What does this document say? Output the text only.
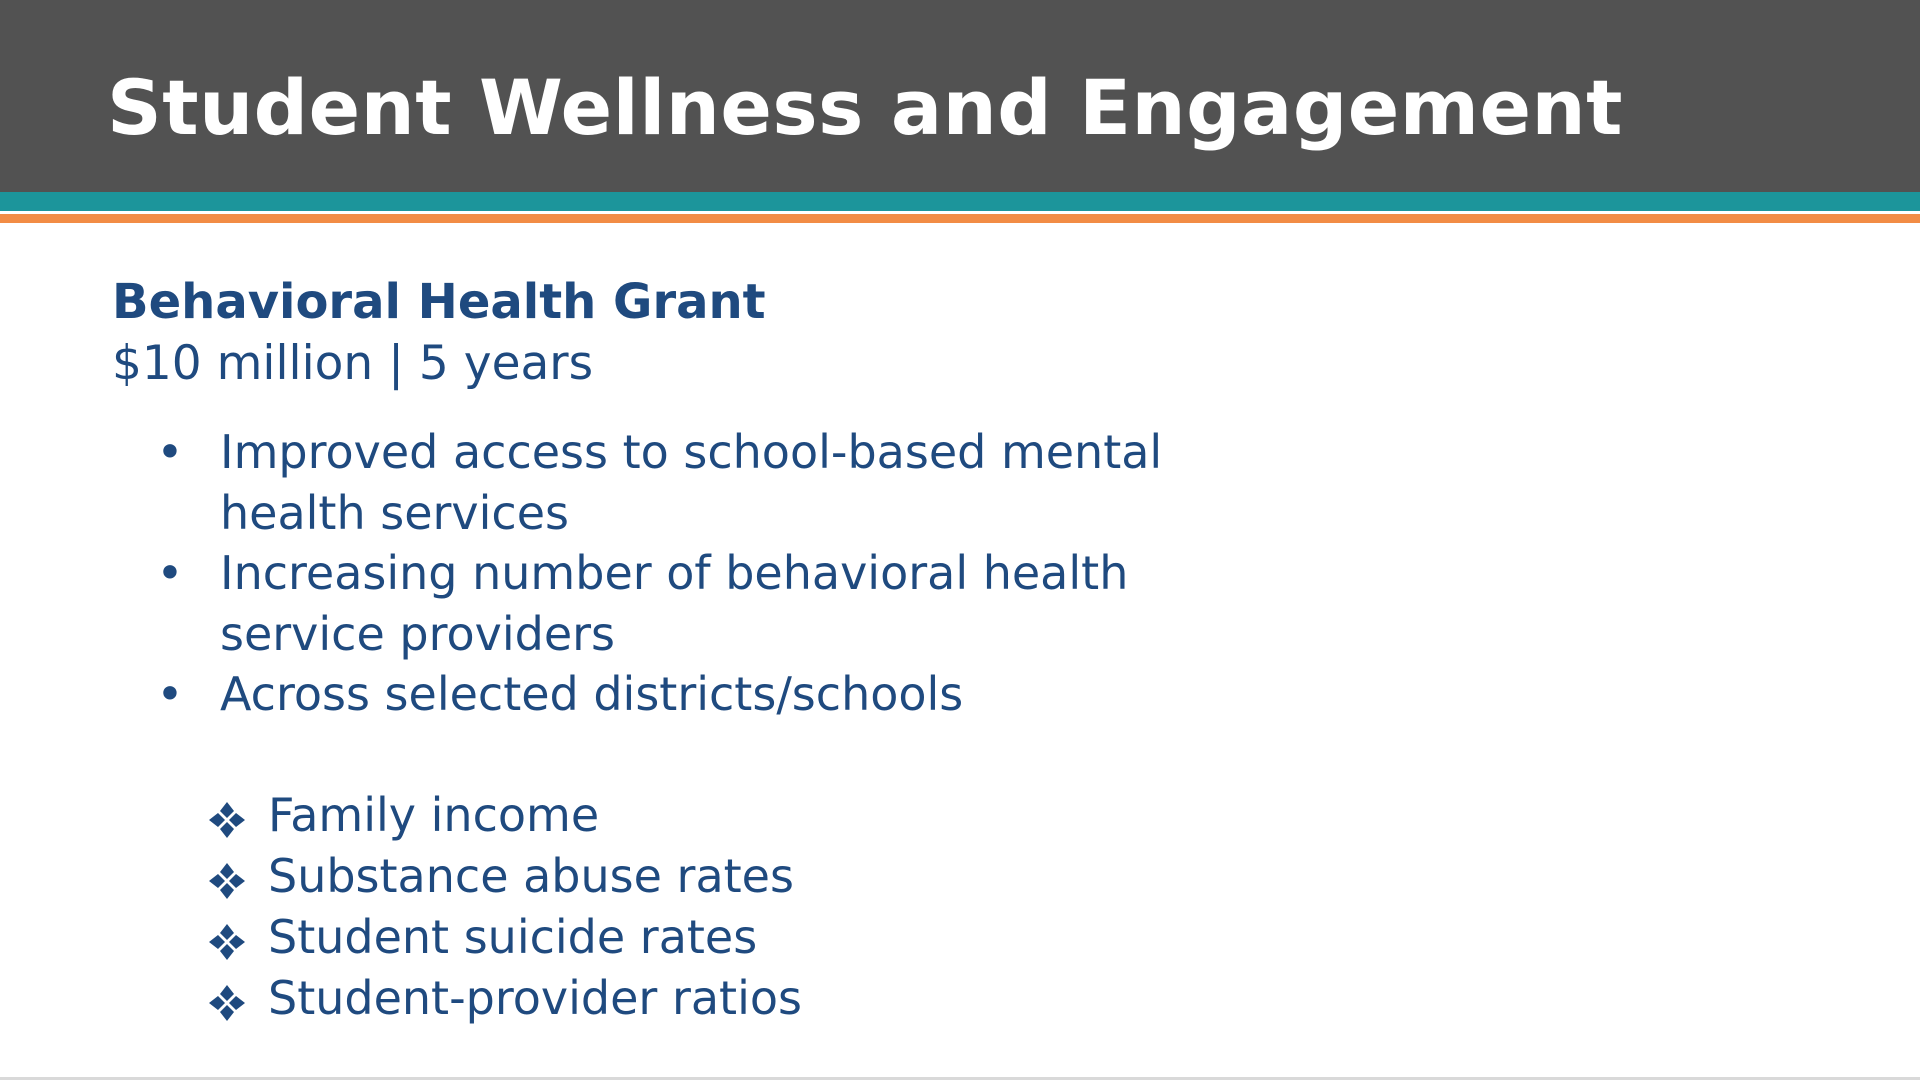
Student Wellness and Engagement

Behavioral Health Grant

$10 million | 5 years

• Improved access to school-based mental health services
• Increasing number of behavioral health service providers
• Across selected districts/schools
Family income
Substance abuse rates
Student suicide rates
Student-provider ratios
